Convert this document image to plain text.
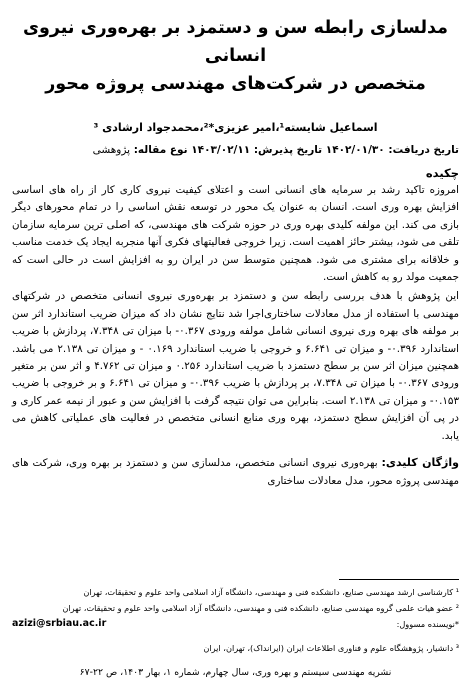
مدلسازی رابطه سن و دستمزد بر بهره‌وری نیروی انسانی
متخصص در شرکت‌های مهندسی پروژه محور
اسماعیل شایسته¹،امیر عزیزی*²،محمدجواد ارشادی ³
تاریخ دریافت: ۱۴۰۲/۰۱/۳۰ تاریخ پذیرش: ۱۴۰۳/۰۲/۱۱ نوع مقاله: پژوهشی
چکیده

امروزه تاکید رشد بر سرمایه های انسانی است و اعتلای کیفیت نیروی کاری کار از راه های اساسی افزایش بهره وری است. انسان به عنوان یک محور در توسعه نقش اساسی را در تمام محورهای دیگر بازی می کند. این مولفه کلیدی بهره وری در حوزه شرکت های مهندسی، که اصلی ترین سرمایه سازمان تلقی می شود، بیشتر حائز اهمیت است. زیرا خروجی فعالیتهای فکری آنها منجربه ایجاد یک خدمت مناسب و خلاقانه برای مشتری می شود. همچنین متوسط سن در ایران رو به افزایش است در حالی است که جمعیت مولد رو به کاهش است.

این پژوهش با هدف بررسی رابطه سن و دستمزد بر بهره‌وری نیروی انسانی متخصص در شرکتهای مهندسی با استفاده از مدل معادلات ساختاری‌اجرا شد نتایج نشان داد که میزان ضریب استاندارد اثر سن بر مولفه های بهره وری نیروی انسانی شامل مولفه ورودی ۰.۳۶۷- با میزان تی ۷.۳۴۸، پردازش با ضریب استاندارد ۰.۳۹۶- و میزان تی ۶.۶۴۱ و خروجی با ضریب استاندارد ۰.۱۶۹ - و میزان تی ۲.۱۳۸ می باشد. همچنین میزان اثر سن بر سطح دستمزد با ضریب استاندارد ۰.۲۵۶ و میزان تی ۴.۷۶۲ و اثر سن بر متغیر ورودی ۰.۳۶۷- با میزان تی ۷.۳۴۸، بر پردازش با ضریب ۰.۳۹۶- و میزان تی ۶.۶۴۱ و بر خروجی با ضریب ۰.۱۵۳- و میزان تی ۲.۱۳۸ است. بنابراین می توان نتیجه گرفت با افزایش سن و عبور از نیمه عمر کاری و در پی آن افزایش سطح دستمزد، بهره وری منابع انسانی متخصص در فعالیت های عملیاتی کاهش می یابد.

واژگان کلیدی: بهره‌وری نیروی انسانی متخصص، مدلسازی سن و دستمزد بر بهره وری، شرکت های مهندسی پروژه محور، مدل معادلات ساختاری
¹ کارشناسی ارشد مهندسی صنایع، دانشکده فنی و مهندسی، دانشگاه آزاد اسلامی واحد علوم و تحقیقات، تهران
² عضو هیات علمی گروه مهندسی صنایع، دانشکده فنی و مهندسی، دانشگاه آزاد اسلامی واحد علوم و تحقیقات، تهران
*نویسنده مسوول:
azizi@srbiau.ac.ir
³ دانشیار، پژوهشگاه علوم و فناوری اطلاعات ایران (ایرانداک)، تهران، ایران
نشریه مهندسی سیستم و بهره وری، سال چهارم، شماره ۱، بهار ۱۴۰۳، ص ۲۲-۶۷
